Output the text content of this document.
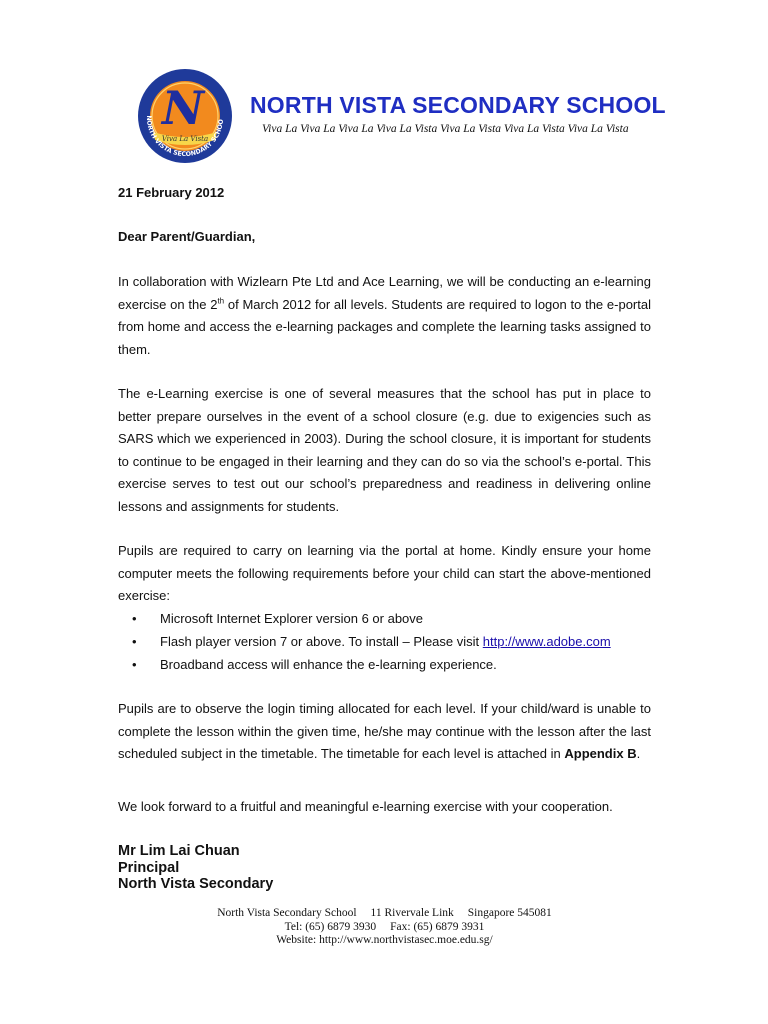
N
Viva La Vista
NORTH VISTA SECONDARY SCHOO
NORTH VISTA SECONDARY SCHOOL
Viva La Viva La Viva La Viva La Vista Viva La Vista Viva La Vista Viva La Vista

21 February 2012

Dear Parent/Guardian,

In collaboration with Wizlearn Pte Ltd and Ace Learning, we will be conducting an e-learning exercise on the 2th of March 2012 for all levels. Students are required to logon to the e-portal from home and access the e-learning packages and complete the learning tasks assigned to them.

The e-Learning exercise is one of several measures that the school has put in place to better prepare ourselves in the event of a school closure (e.g. due to exigencies such as SARS which we experienced in 2003). During the school closure, it is important for students to continue to be engaged in their learning and they can do so via the school’s e-portal. This exercise serves to test out our school’s preparedness and readiness in delivering online lessons and assignments for students.

Pupils are required to carry on learning via the portal at home. Kindly ensure your home computer meets the following requirements before your child can start the above-mentioned exercise:

• Microsoft Internet Explorer version 6 or above
• Flash player version 7 or above. To install – Please visit http://www.adobe.com
• Broadband access will enhance the e-learning experience.

Pupils are to observe the login timing allocated for each level. If your child/ward is unable to complete the lesson within the given time, he/she may continue with the lesson after the last scheduled subject in the timetable. The timetable for each level is attached in Appendix B.

We look forward to a fruitful and meaningful e-learning exercise with your cooperation.

Mr Lim Lai Chuan
Principal
North Vista Secondary
North Vista Secondary School 11 Rivervale Link Singapore 545081
Tel: (65) 6879 3930 Fax: (65) 6879 3931
Website: http://www.northvistasec.moe.edu.sg/
